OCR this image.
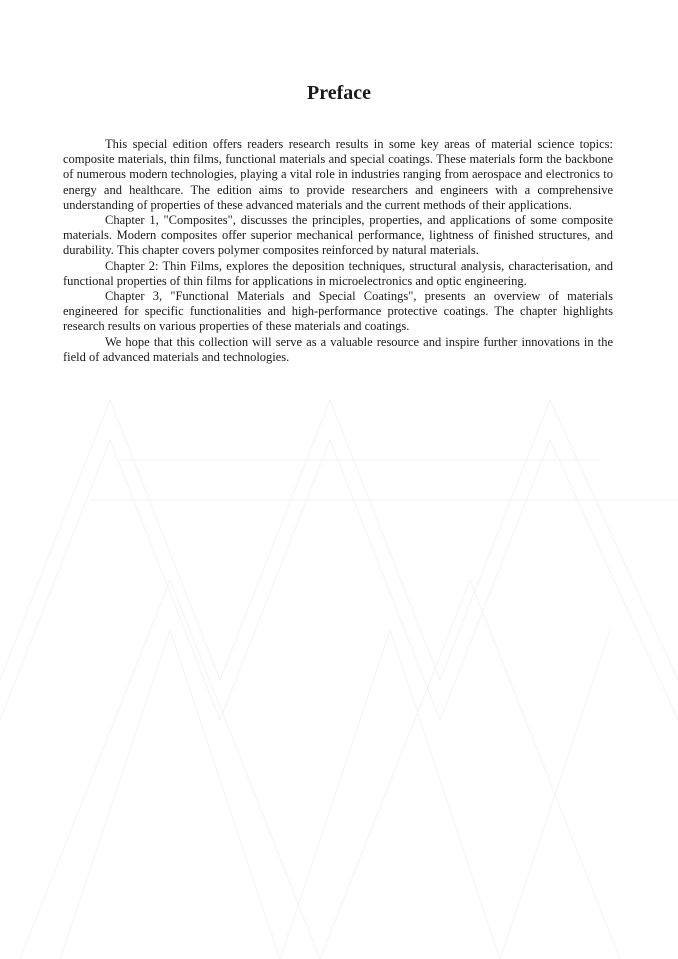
Preface

This special edition offers readers research results in some key areas of material science topics: composite materials, thin films, functional materials and special coatings. These materials form the backbone of numerous modern technologies, playing a vital role in industries ranging from aerospace and electronics to energy and healthcare. The edition aims to provide researchers and engineers with a comprehensive understanding of properties of these advanced materials and the current methods of their applications.

Chapter 1, "Composites", discusses the principles, properties, and applications of some composite materials. Modern composites offer superior mechanical performance, lightness of finished structures, and durability. This chapter covers polymer composites reinforced by natural materials.

Chapter 2: Thin Films, explores the deposition techniques, structural analysis, characterisation, and functional properties of thin films for applications in microelectronics and optic engineering.

Chapter 3, "Functional Materials and Special Coatings", presents an overview of materials engineered for specific functionalities and high-performance protective coatings. The chapter highlights research results on various properties of these materials and coatings.

We hope that this collection will serve as a valuable resource and inspire further innovations in the field of advanced materials and technologies.
